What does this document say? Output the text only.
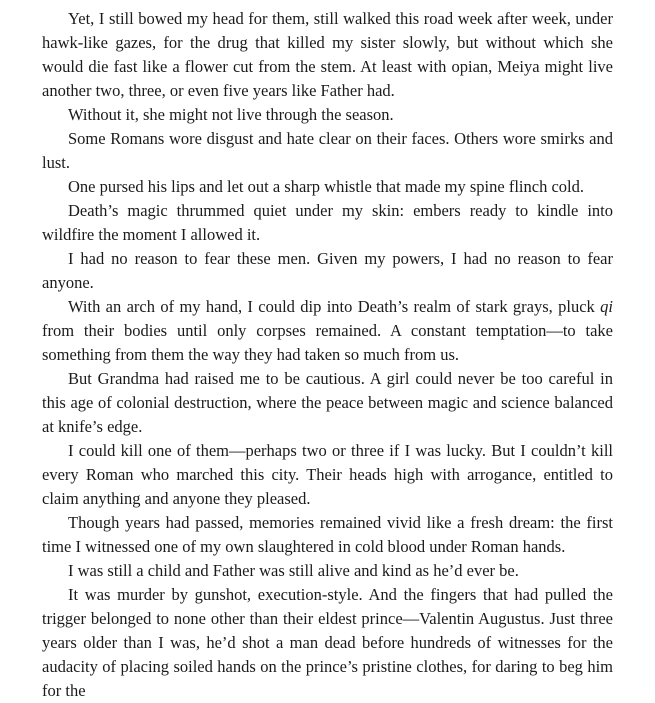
Yet, I still bowed my head for them, still walked this road week after week, under hawk-like gazes, for the drug that killed my sister slowly, but without which she would die fast like a flower cut from the stem. At least with opian, Meiya might live another two, three, or even five years like Father had.

Without it, she might not live through the season.

Some Romans wore disgust and hate clear on their faces. Others wore smirks and lust.

One pursed his lips and let out a sharp whistle that made my spine flinch cold.

Death’s magic thrummed quiet under my skin: embers ready to kindle into wildfire the moment I allowed it.

I had no reason to fear these men. Given my powers, I had no reason to fear anyone.

With an arch of my hand, I could dip into Death’s realm of stark grays, pluck qi from their bodies until only corpses remained. A constant temptation—to take something from them the way they had taken so much from us.

But Grandma had raised me to be cautious. A girl could never be too careful in this age of colonial destruction, where the peace between magic and science balanced at knife’s edge.

I could kill one of them—perhaps two or three if I was lucky. But I couldn’t kill every Roman who marched this city. Their heads high with arrogance, entitled to claim anything and anyone they pleased.

Though years had passed, memories remained vivid like a fresh dream: the first time I witnessed one of my own slaughtered in cold blood under Roman hands.

I was still a child and Father was still alive and kind as he’d ever be.

It was murder by gunshot, execution-style. And the fingers that had pulled the trigger belonged to none other than their eldest prince—Valentin Augustus. Just three years older than I was, he’d shot a man dead before hundreds of witnesses for the audacity of placing soiled hands on the prince’s pristine clothes, for daring to beg him for the
